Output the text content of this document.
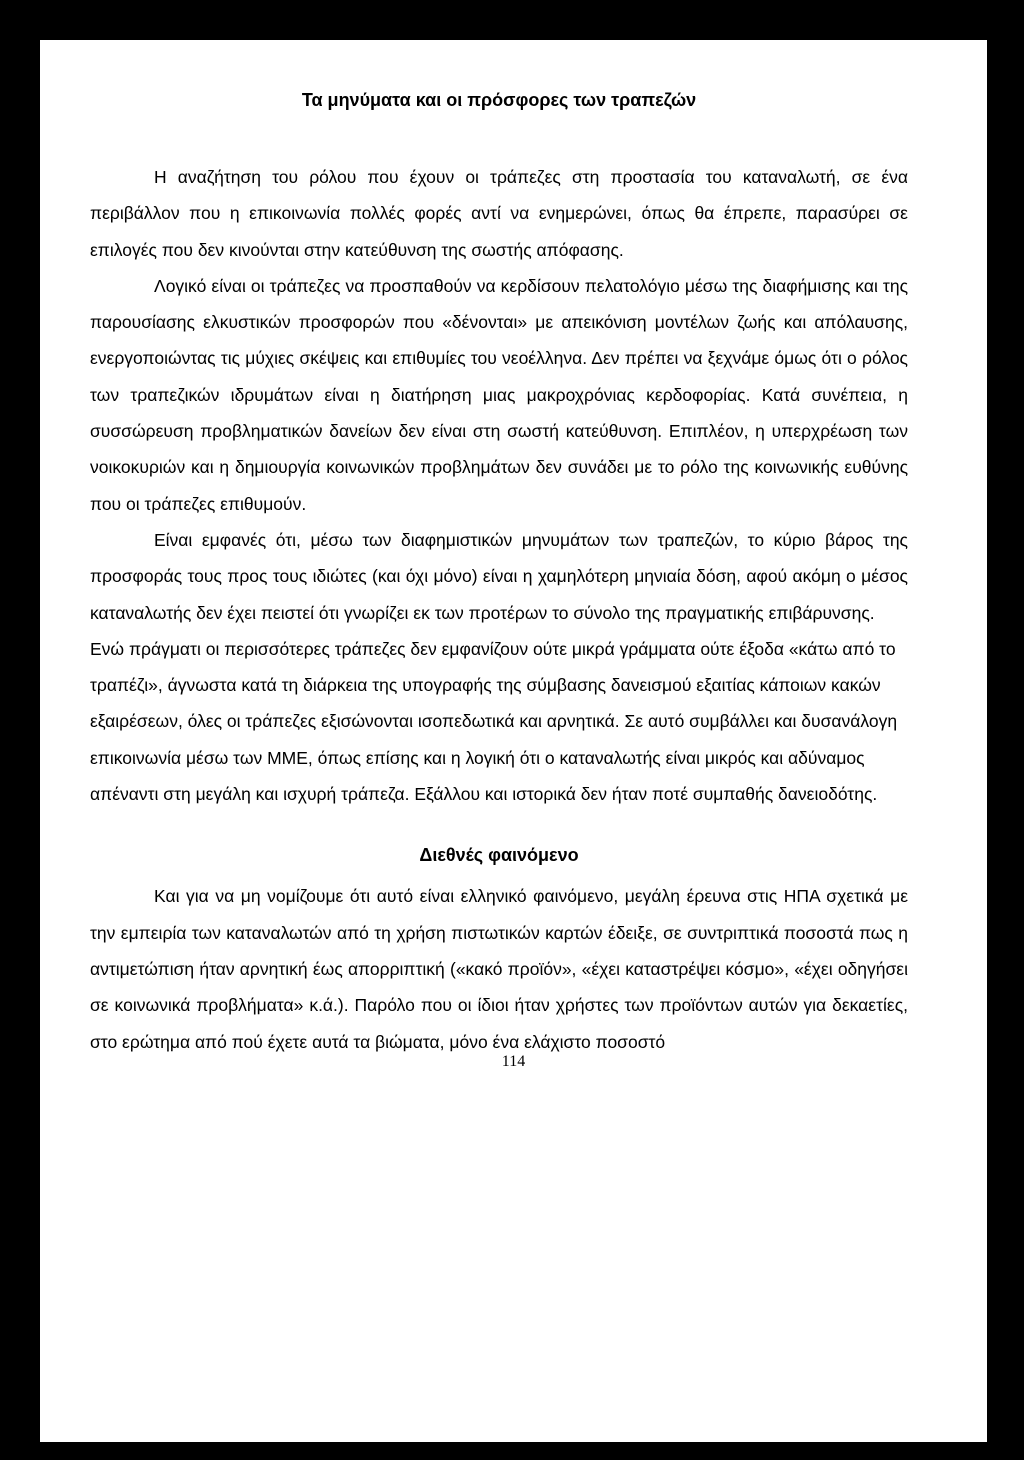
Τα μηνύματα και οι πρόσφορες των τραπεζών

Η αναζήτηση του ρόλου που έχουν οι τράπεζες στη προστασία του καταναλωτή, σε ένα περιβάλλον που η επικοινωνία πολλές φορές αντί να ενημερώνει, όπως θα έπρεπε, παρασύρει σε επιλογές που δεν κινούνται στην κατεύθυνση της σωστής απόφασης.

Λογικό είναι οι τράπεζες να προσπαθούν να κερδίσουν πελατολόγιο μέσω της διαφήμισης και της παρουσίασης ελκυστικών προσφορών που «δένονται» με απεικόνιση μοντέλων ζωής και απόλαυσης, ενεργοποιώντας τις μύχιες σκέψεις και επιθυμίες του νεοέλληνα. Δεν πρέπει να ξεχνάμε όμως ότι ο ρόλος των τραπεζικών ιδρυμάτων είναι η διατήρηση μιας μακροχρόνιας κερδοφορίας. Κατά συνέπεια, η συσσώρευση προβληματικών δανείων δεν είναι στη σωστή κατεύθυνση. Επιπλέον, η υπερχρέωση των νοικοκυριών και η δημιουργία κοινωνικών προβλημάτων δεν συνάδει με το ρόλο της κοινωνικής ευθύνης που οι τράπεζες επιθυμούν.

Είναι εμφανές ότι, μέσω των διαφημιστικών μηνυμάτων των τραπεζών, το κύριο βάρος της προσφοράς τους προς τους ιδιώτες (και όχι μόνο) είναι η χαμηλότερη μηνιαία δόση, αφού ακόμη ο μέσος καταναλωτής δεν έχει πειστεί ότι γνωρίζει εκ των προτέρων το σύνολο της πραγματικής επιβάρυνσης.

Ενώ πράγματι οι περισσότερες τράπεζες δεν εμφανίζουν ούτε μικρά γράμματα ούτε έξοδα «κάτω από το τραπέζι», άγνωστα κατά τη διάρκεια της υπογραφής της σύμβασης δανεισμού εξαιτίας κάποιων κακών εξαιρέσεων, όλες οι τράπεζες εξισώνονται ισοπεδωτικά και αρνητικά. Σε αυτό συμβάλλει και δυσανάλογη επικοινωνία μέσω των ΜΜΕ, όπως επίσης και η λογική ότι ο καταναλωτής είναι μικρός και αδύναμος απέναντι στη μεγάλη και ισχυρή τράπεζα. Εξάλλου και ιστορικά δεν ήταν ποτέ συμπαθής δανειοδότης.

Διεθνές φαινόμενο

Και για να μη νομίζουμε ότι αυτό είναι ελληνικό φαινόμενο, μεγάλη έρευνα στις ΗΠΑ σχετικά με την εμπειρία των καταναλωτών από τη χρήση πιστωτικών καρτών έδειξε, σε συντριπτικά ποσοστά πως η αντιμετώπιση ήταν αρνητική έως απορριπτική («κακό προϊόν», «έχει καταστρέψει κόσμο», «έχει οδηγήσει σε κοινωνικά προβλήματα» κ.ά.). Παρόλο που οι ίδιοι ήταν χρήστες των προϊόντων αυτών για δεκαετίες, στο ερώτημα από πού έχετε αυτά τα βιώματα, μόνο ένα ελάχιστο ποσοστό

114
